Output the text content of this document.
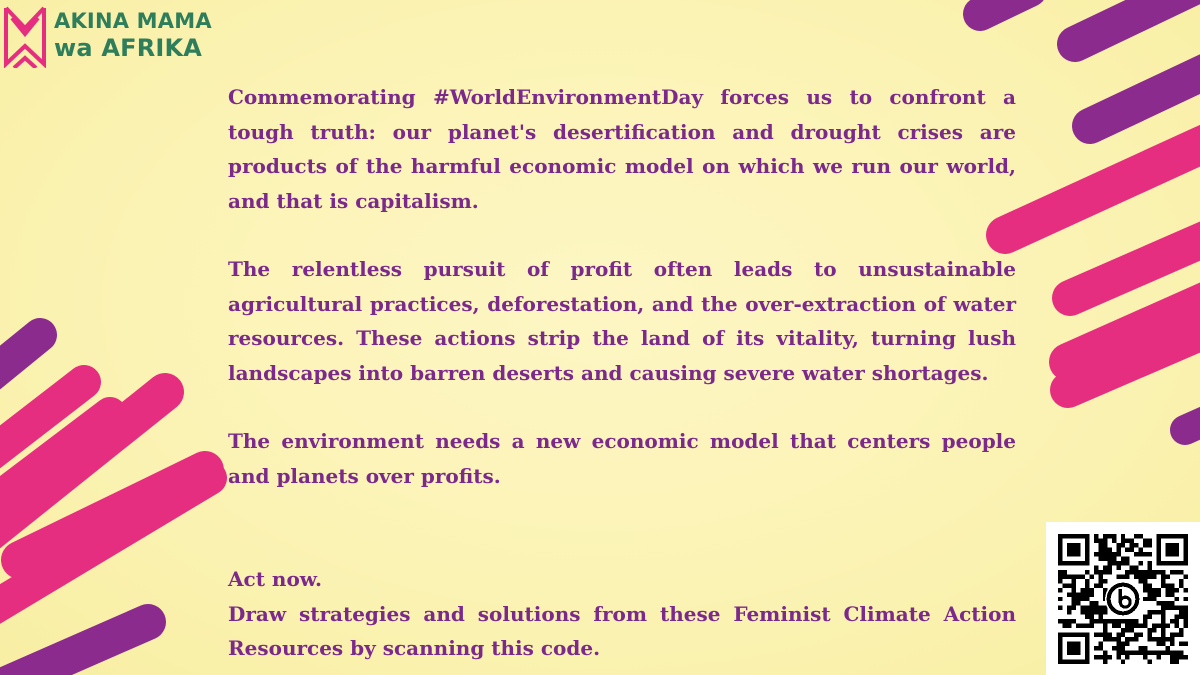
AKINA MAMA
wa AFRIKA

Commemorating #WorldEnvironmentDay forces us to confront a tough truth: our planet's desertification and drought crises are products of the harmful economic model on which we run our world, and that is capitalism.

The relentless pursuit of profit often leads to unsustainable agricultural practices, deforestation, and the over-extraction of water resources. These actions strip the land of its vitality, turning lush landscapes into barren deserts and causing severe water shortages.

The environment needs a new economic model that centers people and planets over profits.

Act now.

Draw strategies and solutions from these Feminist Climate Action Resources by scanning this code.
